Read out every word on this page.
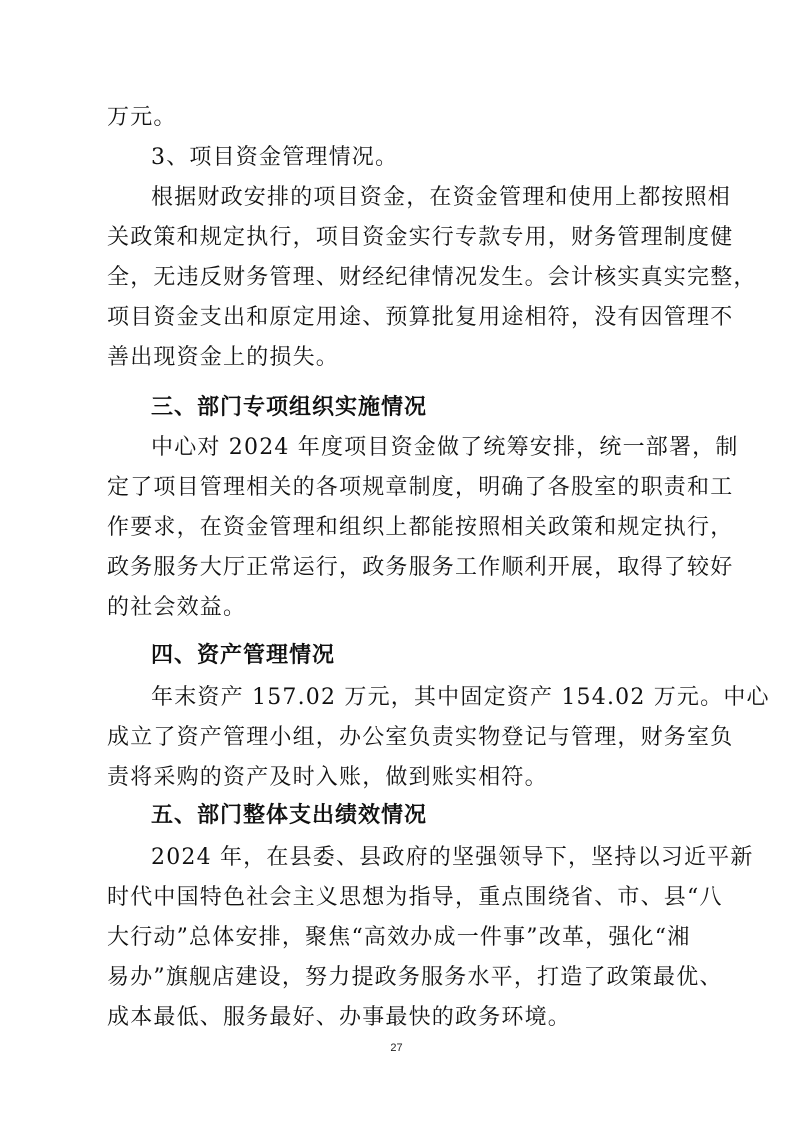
万元。
3、项目资金管理情况。
根据财政安排的项目资金，在资金管理和使用上都按照相
关政策和规定执行，项目资金实行专款专用，财务管理制度健
全，无违反财务管理、财经纪律情况发生。会计核实真实完整，
项目资金支出和原定用途、预算批复用途相符，没有因管理不
善出现资金上的损失。
三、部门专项组织实施情况
中心对 2024 年度项目资金做了统筹安排，统一部署，制
定了项目管理相关的各项规章制度，明确了各股室的职责和工
作要求，在资金管理和组织上都能按照相关政策和规定执行，
政务服务大厅正常运行，政务服务工作顺利开展，取得了较好
的社会效益。
四、资产管理情况
年末资产 157.02 万元，其中固定资产 154.02 万元。中心
成立了资产管理小组，办公室负责实物登记与管理，财务室负
责将采购的资产及时入账，做到账实相符。
五、部门整体支出绩效情况
2024 年，在县委、县政府的坚强领导下，坚持以习近平新
时代中国特色社会主义思想为指导，重点围绕省、市、县“八
大行动”总体安排，聚焦“高效办成一件事”改革，强化“湘
易办”旗舰店建设，努力提政务服务水平，打造了政策最优、
成本最低、服务最好、办事最快的政务环境。
27
